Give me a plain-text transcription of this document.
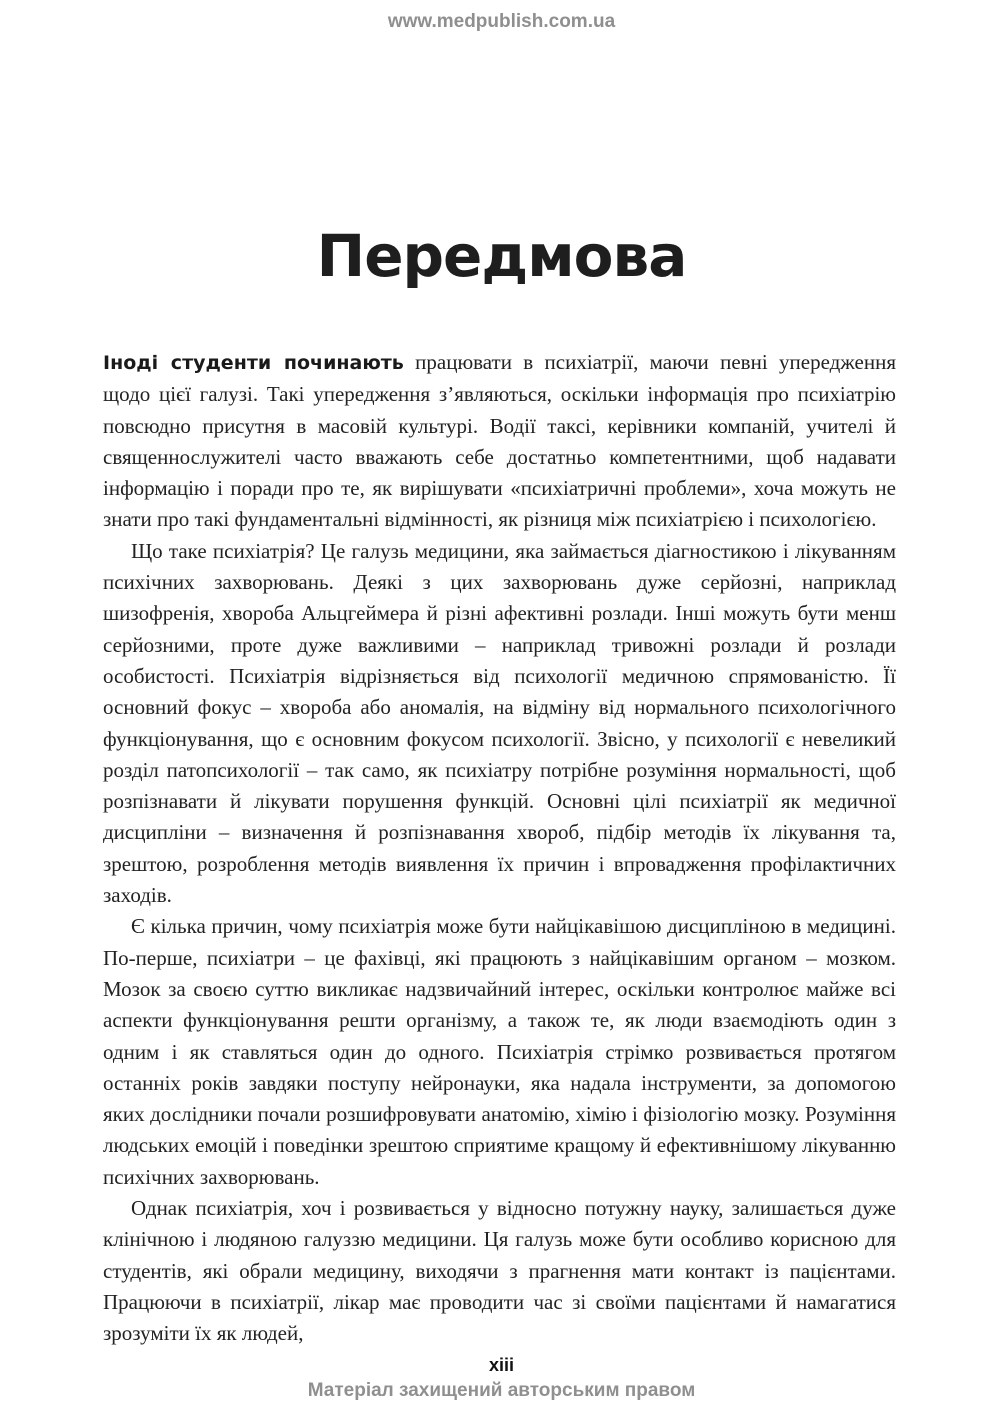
www.medpublish.com.ua
Передмова

Іноді студенти починають працювати в психіатрії, маючи певні упередження щодо цієї галузі. Такі упередження з’являються, оскільки інформація про психіатрію повсюдно присутня в масовій культурі. Водії таксі, керівники компаній, учителі й священнослужителі часто вважають себе достатньо компетентними, щоб надавати інформацію і поради про те, як вирішувати «психіатричні проблеми», хоча можуть не знати про такі фундаментальні відмінності, як різниця між психіатрією і психологією.

Що таке психіатрія? Це галузь медицини, яка займається діагностикою і лікуванням психічних захворювань. Деякі з цих захворювань дуже серйозні, наприклад шизофренія, хвороба Альцгеймера й різні афективні розлади. Інші можуть бути менш серйозними, проте дуже важливими – наприклад тривожні розлади й розлади особистості. Психіатрія відрізняється від психології медичною спрямованістю. Її основний фокус – хвороба або аномалія, на відміну від нормального психологічного функціонування, що є основним фокусом психології. Звісно, у психології є невеликий розділ патопсихології – так само, як психіатру потрібне розуміння нормальності, щоб розпізнавати й лікувати порушення функцій. Основні цілі психіатрії як медичної дисципліни – визначення й розпізнавання хвороб, підбір методів їх лікування та, зрештою, розроблення методів виявлення їх причин і впровадження профілактичних заходів.

Є кілька причин, чому психіатрія може бути найцікавішою дисципліною в медицині. По-перше, психіатри – це фахівці, які працюють з найцікавішим органом – мозком. Мозок за своєю суттю викликає надзвичайний інтерес, оскільки контролює майже всі аспекти функціонування решти організму, а також те, як люди взаємодіють один з одним і як ставляться один до одного. Психіатрія стрімко розвивається протягом останніх років завдяки поступу нейронауки, яка надала інструменти, за допомогою яких дослідники почали розшифровувати анатомію, хімію і фізіологію мозку. Розуміння людських емоцій і поведінки зрештою сприятиме кращому й ефективнішому лікуванню психічних захворювань.

Однак психіатрія, хоч і розвивається у відносно потужну науку, залишається дуже клінічною і людяною галуззю медицини. Ця галузь може бути особливо корисною для студентів, які обрали медицину, виходячи з прагнення мати контакт із пацієнтами. Працюючи в психіатрії, лікар має проводити час зі своїми пацієнтами й намагатися зрозуміти їх як людей,

xiii
Матеріал захищений авторським правом
